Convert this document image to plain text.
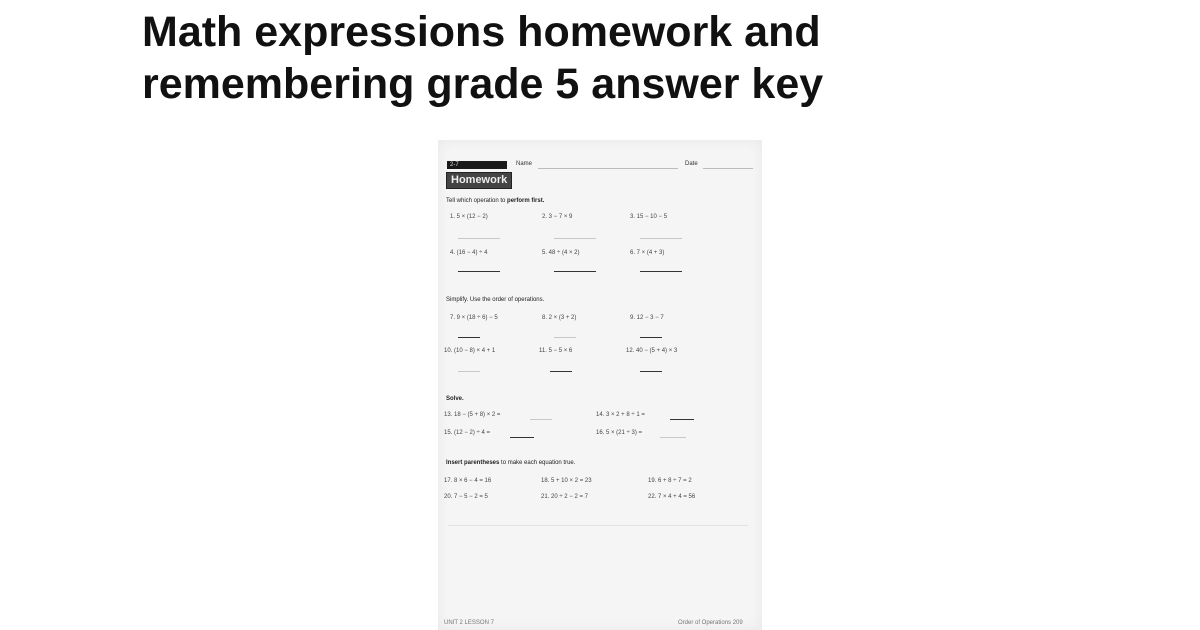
Math expressions homework and
remembering grade 5 answer key
2-7
Homework
Name	Date
Tell which operation to perform first.
1. 5 × (12 − 2)	2. 3 − 7 × 9	3. 15 − 10 − 5
4. (16 − 4) ÷ 4	5. 48 ÷ (4 × 2)	6. 7 × (4 + 3)
Simplify. Use the order of operations.
7. 9 × (18 ÷ 6) − 5	8. 2 × (3 + 2)	9. 12 − 3 − 7
10. (10 − 8) × 4 + 1	11. 5 − 5 × 6	12. 40 − (5 + 4) × 3
Solve.
13. 18 − (5 + 8) × 2 =	14. 3 × 2 + 8 ÷ 1 =
15. (12 − 2) ÷ 4 =	16. 5 × (21 ÷ 3) =
Insert parentheses to make each equation true.
17. 8 × 6 − 4 = 16	18. 5 + 10 × 2 = 23	19. 6 + 8 ÷ 7 = 2
20. 7 − 5 − 2 = 5	21. 20 ÷ 2 − 2 = 7	22. 7 × 4 + 4 = 56
UNIT 2 LESSON 7	Order of Operations 209
